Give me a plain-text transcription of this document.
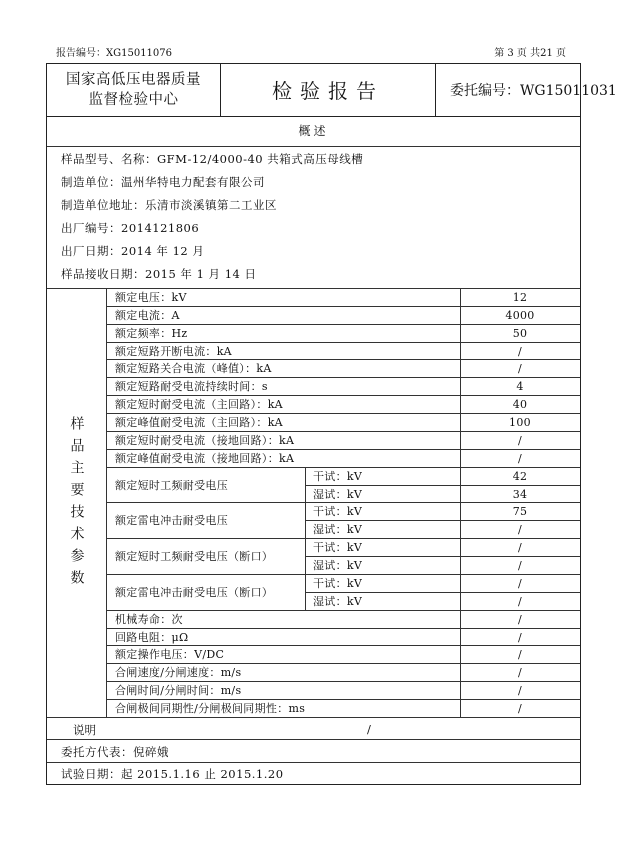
报告编号：XG15011076	第 3 页 共21 页
国家高低压电器质量 监督检验中心	检验报告	委托编号：WG15011031
概述
样品型号、名称：GFM-12/4000-40 共箱式高压母线槽
制造单位：温州华特电力配套有限公司
制造单位地址：乐清市淡溪镇第二工业区
出厂编号：2014121806
出厂日期：2014 年 12 月
样品接收日期：2015 年 1 月 14 日
样品主要技术参数
额定电压：kV	12
额定电流：A	4000
额定频率：Hz	50
额定短路开断电流：kA	/
额定短路关合电流（峰值）：kA	/
额定短路耐受电流持续时间：s	4
额定短时耐受电流（主回路）：kA	40
额定峰值耐受电流（主回路）：kA	100
额定短时耐受电流（接地回路）：kA	/
额定峰值耐受电流（接地回路）：kA	/
额定短时工频耐受电压
干试：kV	42
湿试：kV	34
额定雷电冲击耐受电压
干试：kV	75
湿试：kV	/
额定短时工频耐受电压（断口）
干试：kV	/
湿试：kV	/
额定雷电冲击耐受电压（断口）
干试：kV	/
湿试：kV	/
机械寿命：次	/
回路电阻：μΩ	/
额定操作电压：V/DC	/
合闸速度/分闸速度：m/s	/
合闸时间/分闸时间：m/s	/
合闸极间同期性/分闸极间同期性：ms	/
说明	/
委托方代表：倪碎娥
试验日期：起 2015.1.16 止 2015.1.20
